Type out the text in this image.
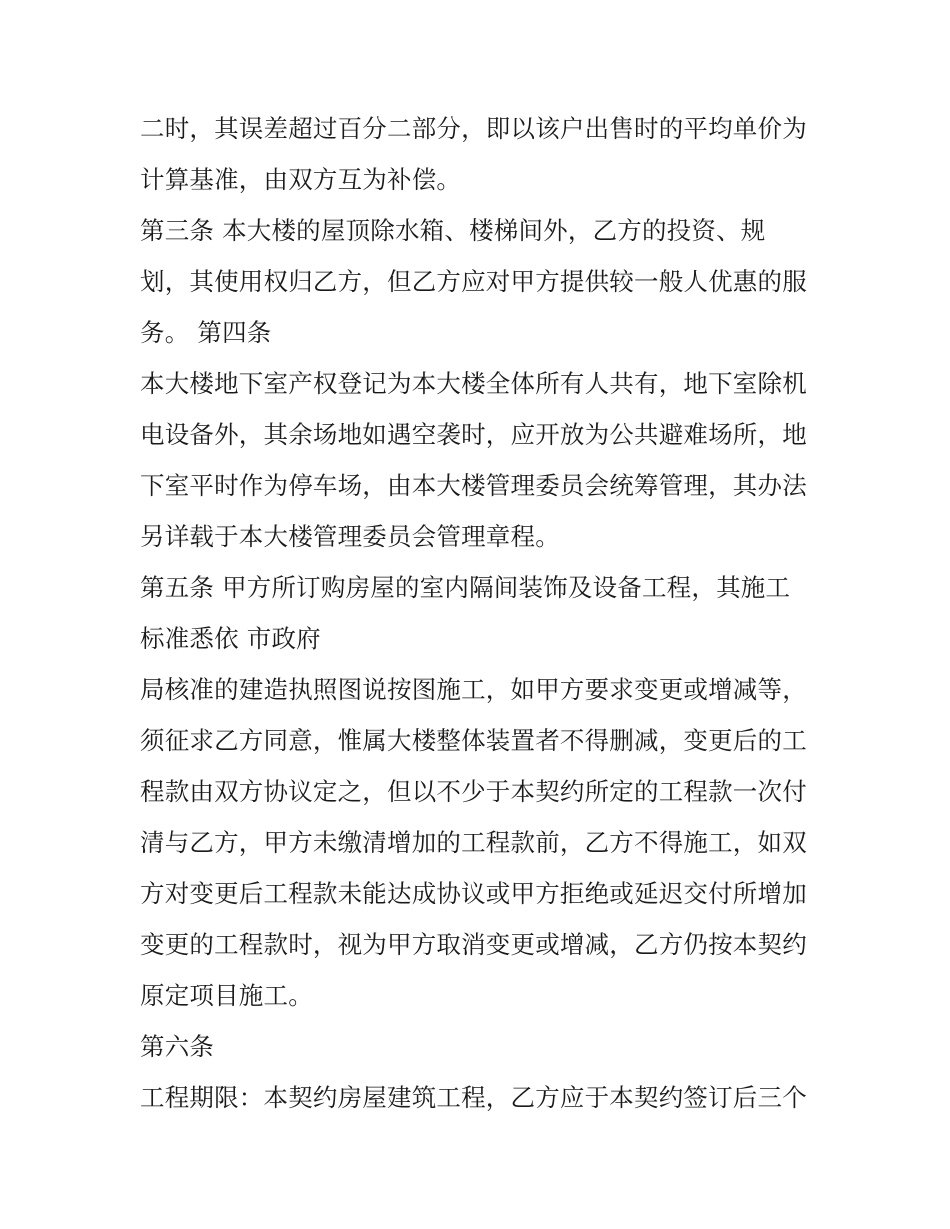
二时，其误差超过百分二部分，即以该户出售时的平均单价为
计算基准，由双方互为补偿。
第三条 本大楼的屋顶除水箱、楼梯间外，乙方的投资、规
划，其使用权归乙方，但乙方应对甲方提供较一般人优惠的服
务。 第四条
本大楼地下室产权登记为本大楼全体所有人共有，地下室除机
电设备外，其余场地如遇空袭时，应开放为公共避难场所，地
下室平时作为停车场，由本大楼管理委员会统筹管理，其办法
另详载于本大楼管理委员会管理章程。
第五条 甲方所订购房屋的室内隔间装饰及设备工程，其施工
标准悉依 市政府
局核准的建造执照图说按图施工，如甲方要求变更或增减等，
须征求乙方同意，惟属大楼整体装置者不得删减，变更后的工
程款由双方协议定之，但以不少于本契约所定的工程款一次付
清与乙方，甲方未缴清增加的工程款前，乙方不得施工，如双
方对变更后工程款未能达成协议或甲方拒绝或延迟交付所增加
变更的工程款时，视为甲方取消变更或增减，乙方仍按本契约
原定项目施工。
第六条
工程期限：本契约房屋建筑工程，乙方应于本契约签订后三个
